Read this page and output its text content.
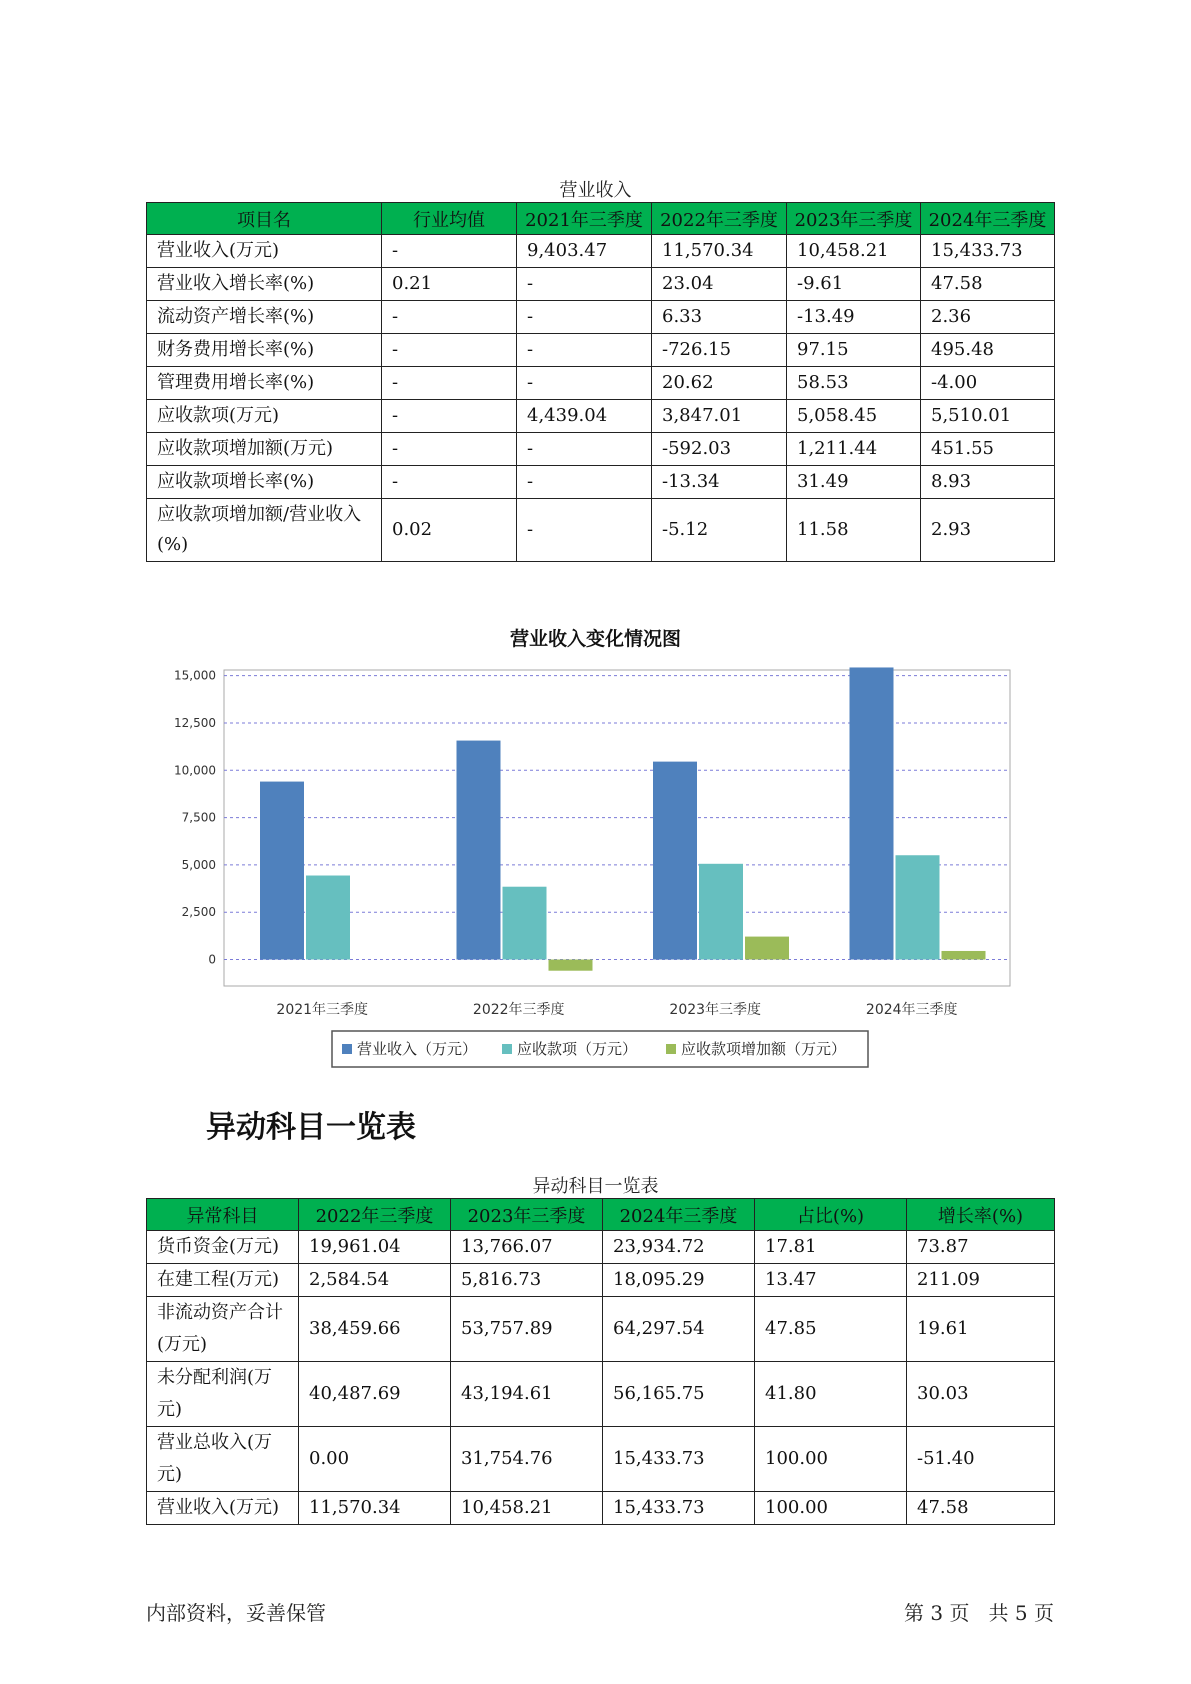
营业收入
项目名	行业均值	2021年三季度	2022年三季度	2023年三季度	2024年三季度
营业收入(万元)	-	9,403.47	11,570.34	10,458.21	15,433.73
营业收入增长率(%)	0.21	-	23.04	-9.61	47.58
流动资产增长率(%)	-	-	6.33	-13.49	2.36
财务费用增长率(%)	-	-	-726.15	97.15	495.48
管理费用增长率(%)	-	-	20.62	58.53	-4.00
应收款项(万元)	-	4,439.04	3,847.01	5,058.45	5,510.01
应收款项增加额(万元)	-	-	-592.03	1,211.44	451.55
应收款项增长率(%)	-	-	-13.34	31.49	8.93
应收款项增加额/营业收入(%)	0.02	-	-5.12	11.58	2.93
营业收入变化情况图
0
2,500
5,000
7,500
10,000
12,500
15,000
2021年三季度	2022年三季度	2023年三季度	2024年三季度
营业收入（万元）	应收款项（万元）	应收款项增加额（万元）
异动科目一览表
异动科目一览表
异常科目	2022年三季度	2023年三季度	2024年三季度	占比(%)	增长率(%)
货币资金(万元)	19,961.04	13,766.07	23,934.72	17.81	73.87
在建工程(万元)	2,584.54	5,816.73	18,095.29	13.47	211.09
非流动资产合计(万元)	38,459.66	53,757.89	64,297.54	47.85	19.61
未分配利润(万元)	40,487.69	43,194.61	56,165.75	41.80	30.03
营业总收入(万元)	0.00	31,754.76	15,433.73	100.00	-51.40
营业收入(万元)	11,570.34	10,458.21	15,433.73	100.00	47.58
内部资料，妥善保管	第 3 页   共 5 页
